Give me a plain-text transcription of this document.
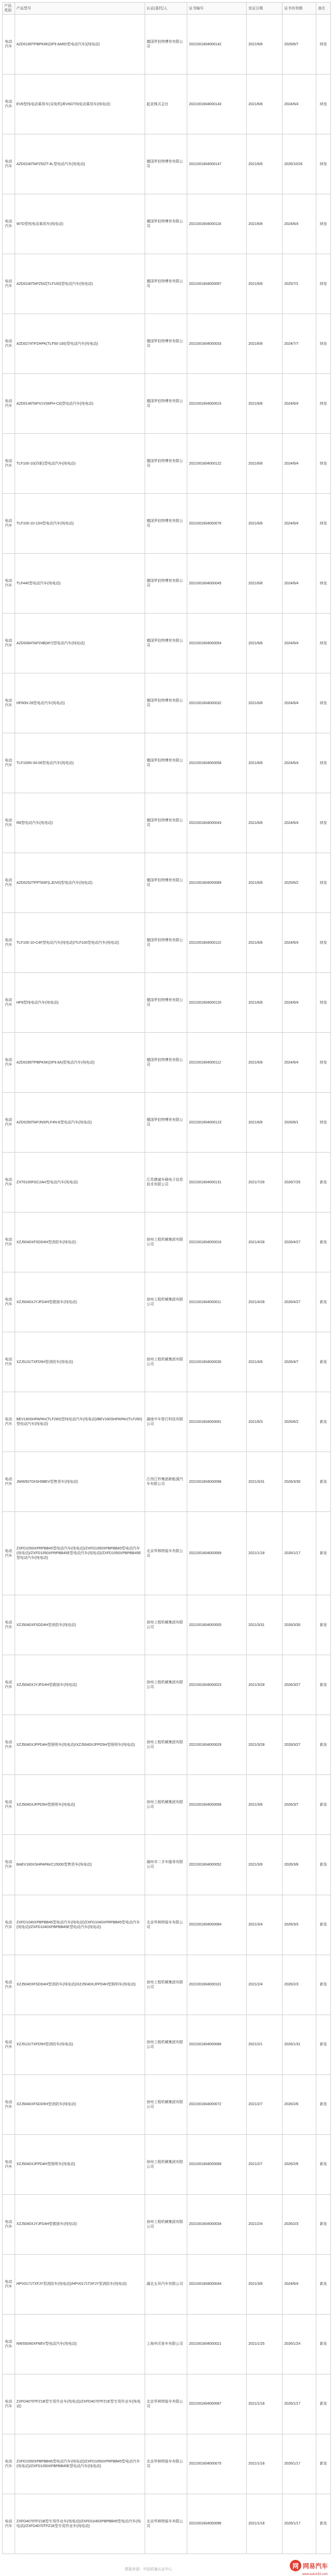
产品类别	产品型号	认证(委托)人	证书编号	发证日期	证书有效期	备注
电动汽车	AZD0185TPBPK6K(DF9.6ARD型电动汽车)(纯电动)	德国罗伯特博世有限公司	2021001604000142	2021/6/8	2026/6/7	续发
电动汽车	EV6型纯电动乘用车(双电机)/EV6GT纯电动乘用车(纯电动)	起亚株式会社	2021001604000143	2021/6/8	2024/6/4	续发
电动汽车	AZD0240TAPZ5IZT-4L型电动汽车(纯电动)	德国罗伯特博世有限公司	2021001604000147	2021/6/8	2026/10/26	续发
电动汽车	W7D型纯电动乘用车(纯电动)	德国罗伯特博世有限公司	2021001604000118	2021/6/8	2024/6/4	续发
电动汽车	AZD0240TAPZ5IZ(TLF100)型电动汽车(纯电动)	德国罗伯特博世有限公司	2021001604000097	2021/6/8	2025/7/1	续发
电动汽车	AZD0274TPZHPK(TLF50-100)型电动汽车(纯电动)	德国罗伯特博世有限公司	2021001604000033	2021/6/8	2024/7/7	续发
电动汽车	AZD0146TAPX1V(WFH-Cli)型电动汽车(纯电动)	德国罗伯特博世有限公司	2021001604000015	2021/6/8	2024/6/4	续发
电动汽车	TLF100-10(四驱)型电动汽车(纯电动)	德国罗伯特博世有限公司	2021001604000122	2021/6/8	2024/6/4	续发
电动汽车	TLF100-10-12H型电动汽车(纯电动)	德国罗伯特博世有限公司	2021001604000076	2021/6/8	2024/6/4	续发
电动汽车	TLF440型电动汽车(纯电动)	德国罗伯特博世有限公司	2021001604000045	2021/6/8	2024/6/4	续发
电动汽车	AZD0084TAPZ4B(W7)型电动汽车(纯电动)	德国罗伯特博世有限公司	2021001604000054	2021/6/8	2024/6/4	续发
电动汽车	HF60N-28型电动汽车(纯电动)	德国罗伯特博世有限公司	2021001604000032	2021/6/8	2024/6/4	续发
电动汽车	TLF100N-34-06型电动汽车(纯电动)	德国罗伯特博世有限公司	2021001604000058	2021/6/8	2024/6/4	续发
电动汽车	R8型电动汽车(纯电动)	德国罗伯特博世有限公司	2021001604000043	2021/6/8	2024/6/4	续发
电动汽车	AZD0252TPPTA5F(LJDV0)型电动汽车(纯电动)	德国罗伯特博世有限公司	2021001604000089	2021/6/8	2025/6/2	续发
电动汽车	TLF100-10-C4F型电动汽车(纯电动)/TLF100型电动汽车(纯电动)	德国罗伯特博世有限公司	2021001604000110	2021/6/8	2024/6/4	续发
电动汽车	HF8型纯电动汽车(纯电动)	德国罗伯特博世有限公司	2021001604000120	2021/6/8	2024/6/4	续发
电动汽车	AZD0285TPBPK6K(DF9.6A)型电动汽车(纯电动)	德国罗伯特博世有限公司	2021001604000112	2021/6/8	2024/6/4	续发
电动汽车	AZD0260TAPJNSPLF4N-6型电动汽车(纯电动)	德国罗伯特博世有限公司	2021001604000123	2021/6/8	2026/6/1	续发
电动汽车	ZXT6100FGC2AH型电动汽车(纯电动)	江苏捷诚车载电子信息技术有限公司	2021001604000131	2021/7/26	2026/7/25	新发
电动汽车	XZJ5040XFSDD4H型消防车(纯电动)	徐州工程机械集团有限公司	2021001604000016	2021/4/28	2026/4/27	新发
电动汽车	XZJ5040XJYJFD4H型救援车(纯电动)	徐州工程机械集团有限公司	2021001604000011	2021/4/28	2026/4/27	新发
电动汽车	XZJ5131TXFD5H型消防车(纯电动)	徐州工程机械集团有限公司	2021001604000030	2021/4/8	2026/4/7	新发
电动汽车	BEV160SHPAPAV(TLF260)型纯电动汽车(纯电动)/BEV160SHPAPAV(TLF260)型电动汽车(纯电动)	湖南中车智行科技有限公司	2021001604000091	2021/6/3	2026/6/2	新发
电动汽车	JWW5070XSH5BEV型售货车(纯电动)	江西江铃集团新能源汽车有限公司	2021001604000098	2021/3/31	2026/3/30	新发
电动汽车	ZXFD1050XPRPBB45型电动汽车(纯电动)/ZXFD1050XPBPBB45型电动汽车(纯电动)/ZXFD1050XPRPBB45E型电动汽车(纯电动)/ZXFD1050XPBPBB45E型电动汽车(纯电动)	北京华林特装车有限公司	2021001604000069	2021/1/18	2026/1/17	新发
电动汽车	XZJ5040XFSDD4H型消防车(纯电动)	徐州工程机械集团有限公司	2021001604000005	2021/3/31	2026/3/30	新发
电动汽车	XZJ5040XJYJFD4H型救援车(纯电动)	徐州工程机械集团有限公司	2021001604000023	2021/3/28	2026/3/27	新发
电动汽车	XZJ5040XJFPD4H型照明车(纯电动)/XZJ5040XJFPD5H型照明车(纯电动)	徐州工程机械集团有限公司	2021001604000029	2021/3/28	2026/3/27	新发
电动汽车	XZJ5040XJFPD5H型照明车(纯电动)	徐州工程机械集团有限公司	2021001604000008	2021/3/8	2026/3/7	新发
电动汽车	BAEV160XSHPAPAVC15000型售货车(纯电动)	湖州市二手车服务有限公司	2021001604000052	2021/3/9	2026/3/8	新发
电动汽车	ZXFD1040XPBPBB45型电动汽车(纯电动)/ZXFD1040XPRPBB45型电动汽车(纯电动)/ZXFD1040XPBPBB45E型电动汽车(纯电动)	北京华林特装车有限公司	2021001604000084	2021/3/4	2026/3/3	新发
电动汽车	XZJ5040XFSDD4H型消防车(纯电动)/XZJ5040XJFPD4H型照明车(纯电动)	徐州工程机械集团有限公司	2021001604000101	2021/2/4	2026/2/3	新发
电动汽车	XZJ5131TXFD5H型消防车(纯电动)	徐州工程机械集团有限公司	2021001604000066	2021/2/1	2026/1/31	新发
电动汽车	XZJ5040XFSDD5H型消防车(纯电动)	徐州工程机械集团有限公司	2021001604000072	2021/2/7	2026/2/6	新发
电动汽车	XZJ5040XJFPD4H型照明车(纯电动)	徐州工程机械集团有限公司	2021001604000068	2021/2/7	2026/2/6	新发
电动汽车	XZJ5040XJYJFD4H型救援车(纯电动)	徐州工程机械集团有限公司	2021001604000034	2021/2/4	2026/2/3	新发
电动汽车	HPV0171TXFJY型消防车(纯电动)/HPV0171TXFJY型消防车(纯电动)	湖北五环汽车有限公司	2021001604000044	2021/3/8	2024/6/4	新发
电动汽车	NWS5040XFNEV型电动汽车(纯电动)	上海申沃客车有限公司	2021001604000021	2021/1/25	2026/1/24	新发
电动汽车	ZXFD4070TFZ1B型专用作业车(纯电动)/ZXFD4070TFZ1E型专用作业车(纯电动)	北京华林特装车有限公司	2021001604000087	2021/1/18	2026/1/17	新发
电动汽车	ZXFD1050XPBPBB45型电动汽车(纯电动)/ZXFD1050XPRPBB45型电动汽车(纯电动)/ZXFD1050XPBPBB45E型电动汽车(纯电动)	北京华林特装车有限公司	2021001604000075	2021/1/18	2026/1/17	新发
电动汽车	ZXFD4070TFZ1B型专用作业车(纯电动)/ZXFD1040XPBPBB45型电动汽车(纯电动)/ZXFD4070TFZ1E型专用作业车(纯电动)	北京华林特装车有限公司	2021001604000096	2021/1/18	2026/1/17	新发
数据来源：中国质量认证中心	网 网易汽车
www.auto163.com
